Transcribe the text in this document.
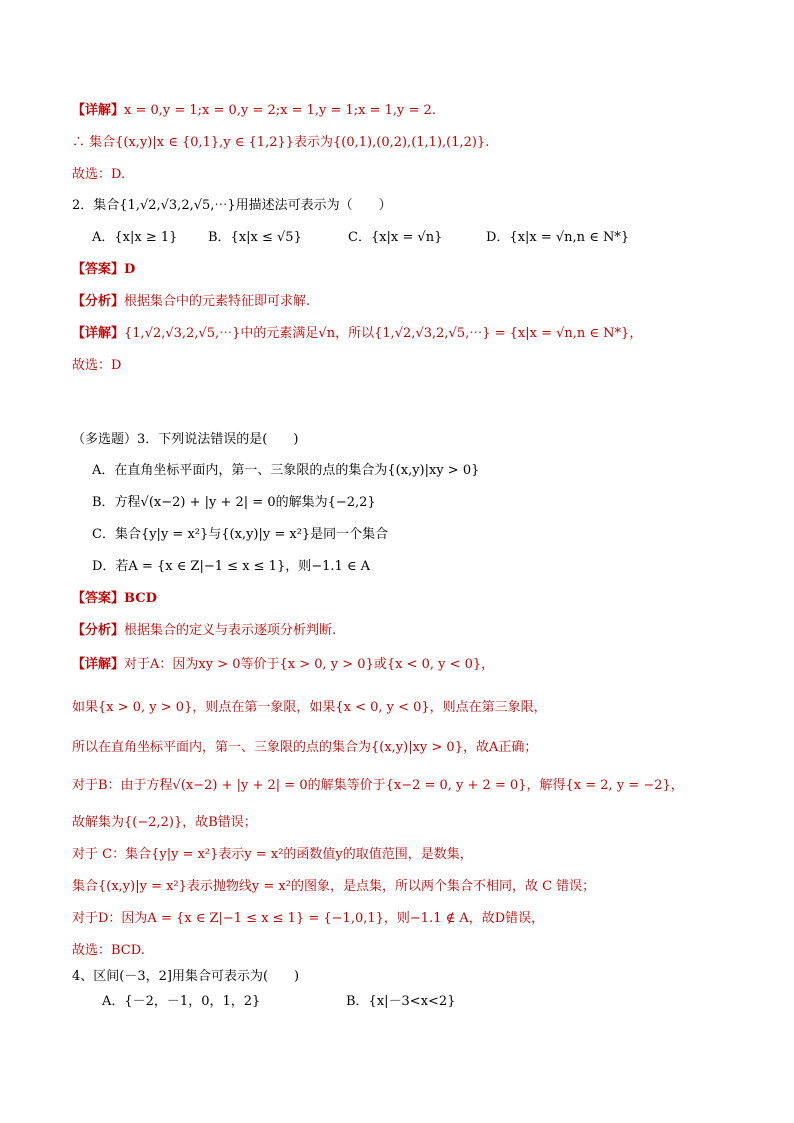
【详解】x = 0,y = 1;x = 0,y = 2;x = 1,y = 1;x = 1,y = 2.
∴ 集合{(x,y)|x ∈ {0,1},y ∈ {1,2}}表示为{(0,1),(0,2),(1,1),(1,2)}.
故选：D.
2．集合{1,√2,√3,2,√5,⋯}用描述法可表示为（　　）
A．{x|x ≥ 1} B．{x|x ≤ √5}	C．{x|x = √n}	D．{x|x = √n,n ∈ N*}
【答案】D
【分析】根据集合中的元素特征即可求解.
【详解】{1,√2,√3,2,√5,⋯}中的元素满足√n，所以{1,√2,√3,2,√5,⋯} = {x|x = √n,n ∈ N*}，
故选：D
（多选题）3．下列说法错误的是(　　)
A．在直角坐标平面内，第一、三象限的点的集合为{(x,y)|xy > 0}
B．方程√(x−2) + |y + 2| = 0的解集为{−2,2}
C．集合{y|y = x²}与{(x,y)|y = x²}是同一个集合
D．若A = {x ∈ Z|−1 ≤ x ≤ 1}，则−1.1 ∈ A
【答案】BCD
【分析】根据集合的定义与表示逐项分析判断.
【详解】对于A：因为xy > 0等价于{x > 0, y > 0}或{x < 0, y < 0}，
如果{x > 0, y > 0}，则点在第一象限，如果{x < 0, y < 0}，则点在第三象限，
所以在直角坐标平面内，第一、三象限的点的集合为{(x,y)|xy > 0}，故A正确；
对于B：由于方程√(x−2) + |y + 2| = 0的解集等价于{x−2 = 0, y + 2 = 0}，解得{x = 2, y = −2}，
故解集为{(−2,2)}，故B错误；
对于 C：集合{y|y = x²}表示y = x²的函数值y的取值范围，是数集，
集合{(x,y)|y = x²}表示抛物线y = x²的图象，是点集，所以两个集合不相同，故 C 错误；
对于D：因为A = {x ∈ Z|−1 ≤ x ≤ 1} = {−1,0,1}，则−1.1 ∉ A，故D错误，
故选：BCD.
4、区间(－3，2]用集合可表示为(　　)
A．{－2，－1，0，1，2}	B．{x|－3<x<2}
